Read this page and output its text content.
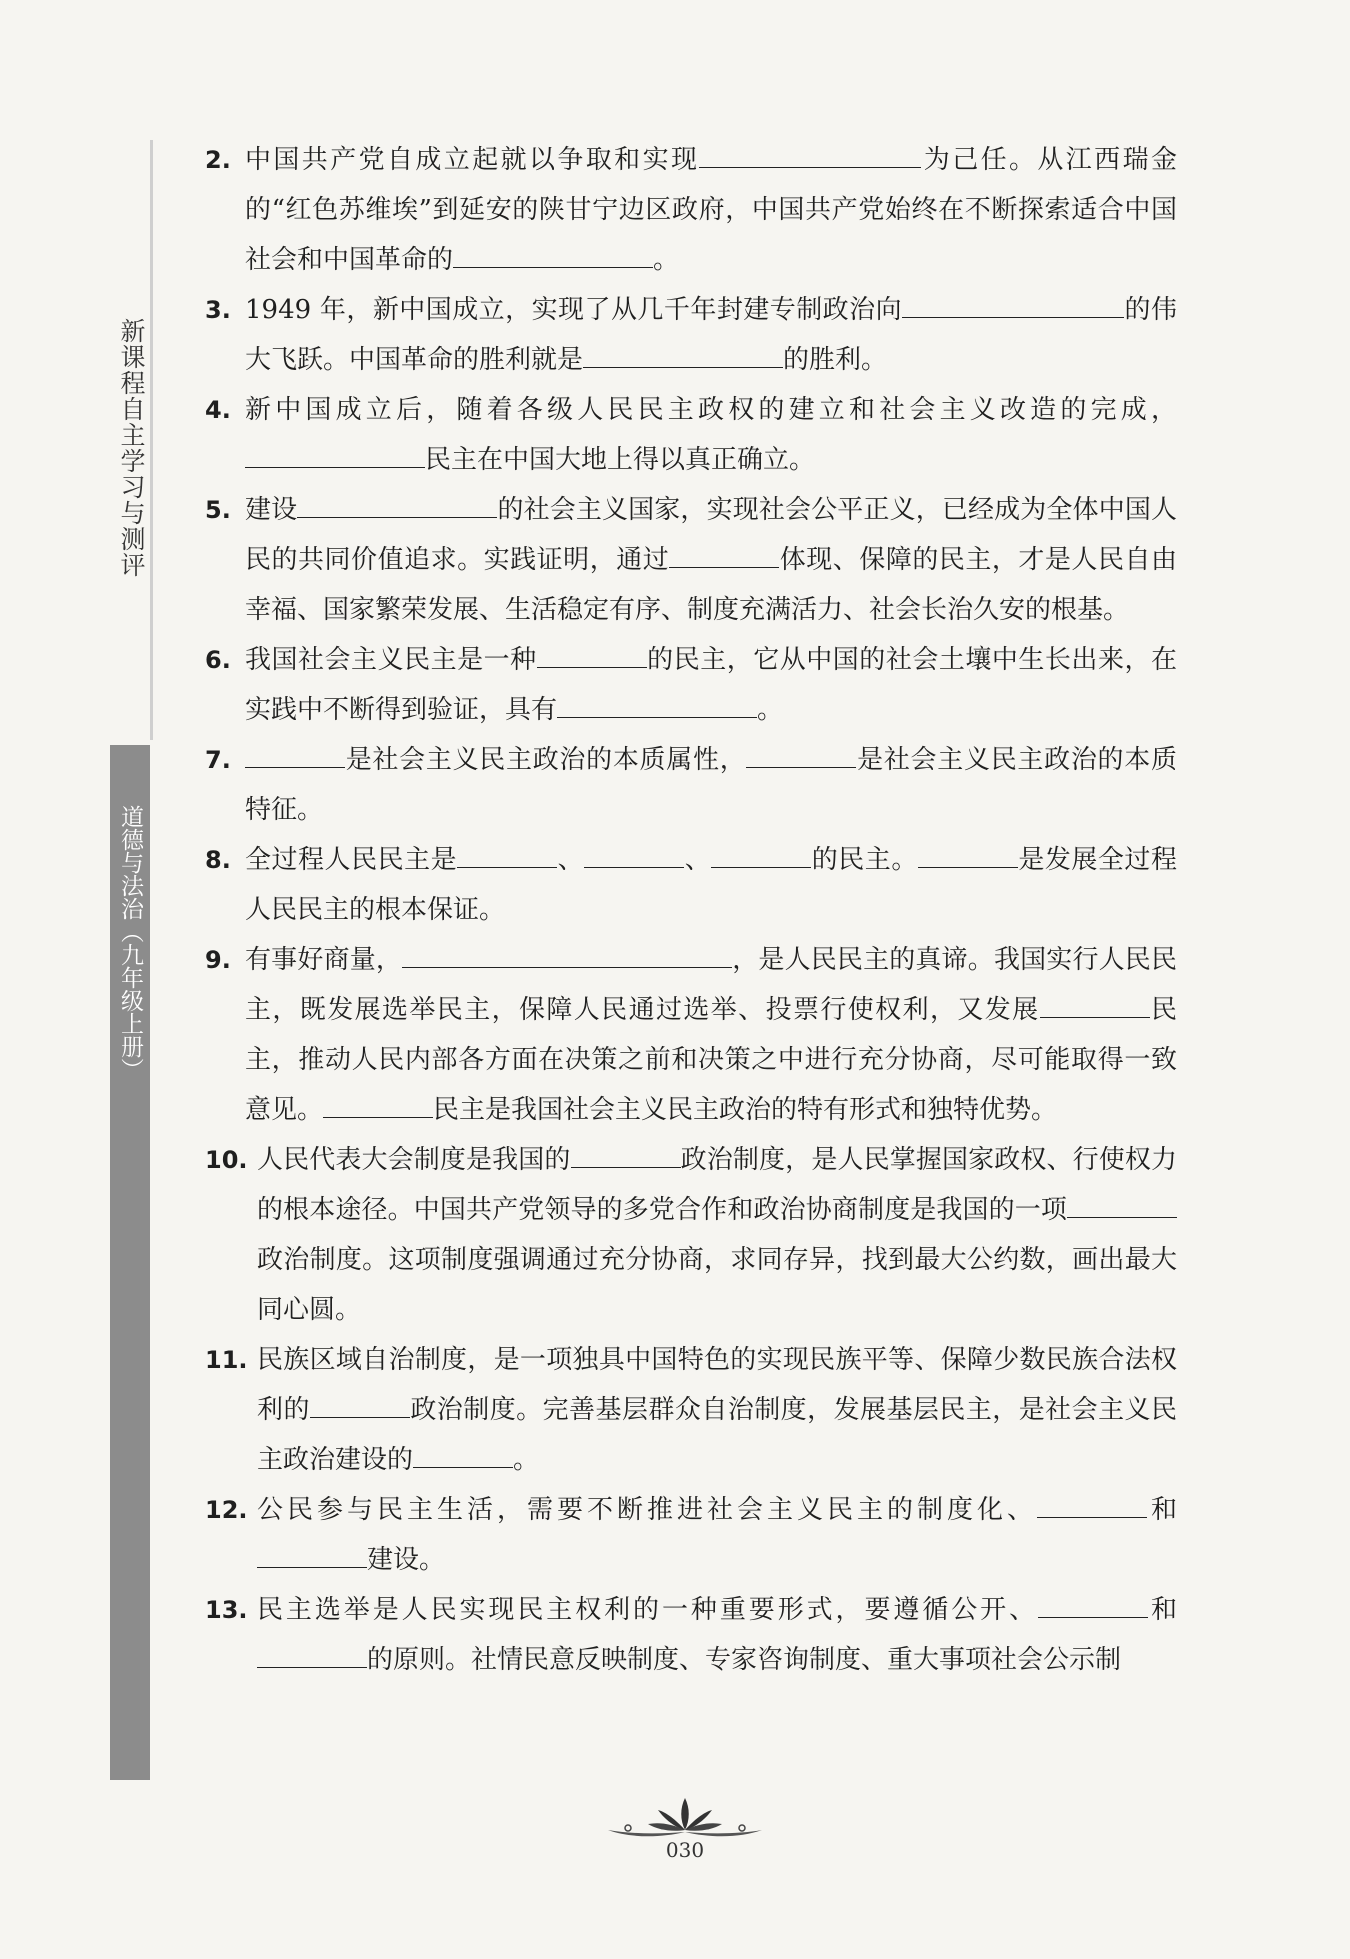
新课程自主学习与测评
道德与法治（九年级上册）
2. 中国共产党自成立起就以争取和实现	为己任。从江西瑞金的“红色苏维埃”到延安的陕甘宁边区政府，中国共产党始终在不断探索适合中国社会和中国革命的	。
3. 1949 年，新中国成立，实现了从几千年封建专制政治向	的伟大飞跃。中国革命的胜利就是	的胜利。
4. 新中国成立后，随着各级人民民主政权的建立和社会主义改造的完成，民主在中国大地上得以真正确立。
5. 建设	的社会主义国家，实现社会公平正义，已经成为全体中国人民的共同价值追求。实践证明，通过	体现、保障的民主，才是人民自由幸福、国家繁荣发展、生活稳定有序、制度充满活力、社会长治久安的根基。
6. 我国社会主义民主是一种	的民主，它从中国的社会土壤中生长出来，在实践中不断得到验证，具有	。
7.	是社会主义民主政治的本质属性，	是社会主义民主政治的本质特征。
8. 全过程人民民主是	、	、	的民主。	是发展全过程人民民主的根本保证。
9. 有事好商量，	，是人民民主的真谛。我国实行人民民主，既发展选举民主，保障人民通过选举、投票行使权利，又发展	民主，推动人民内部各方面在决策之前和决策之中进行充分协商，尽可能取得一致意见。	民主是我国社会主义民主政治的特有形式和独特优势。
10. 人民代表大会制度是我国的	政治制度，是人民掌握国家政权、行使权力的根本途径。中国共产党领导的多党合作和政治协商制度是我国的一项政治制度。这项制度强调通过充分协商，求同存异，找到最大公约数，画出最大同心圆。
11. 民族区域自治制度，是一项独具中国特色的实现民族平等、保障少数民族合法权利的	政治制度。完善基层群众自治制度，发展基层民主，是社会主义民主政治建设的	。
12. 公民参与民主生活，需要不断推进社会主义民主的制度化、	和建设。
13. 民主选举是人民实现民主权利的一种重要形式，要遵循公开、	和的原则。社情民意反映制度、专家咨询制度、重大事项社会公示制
030
